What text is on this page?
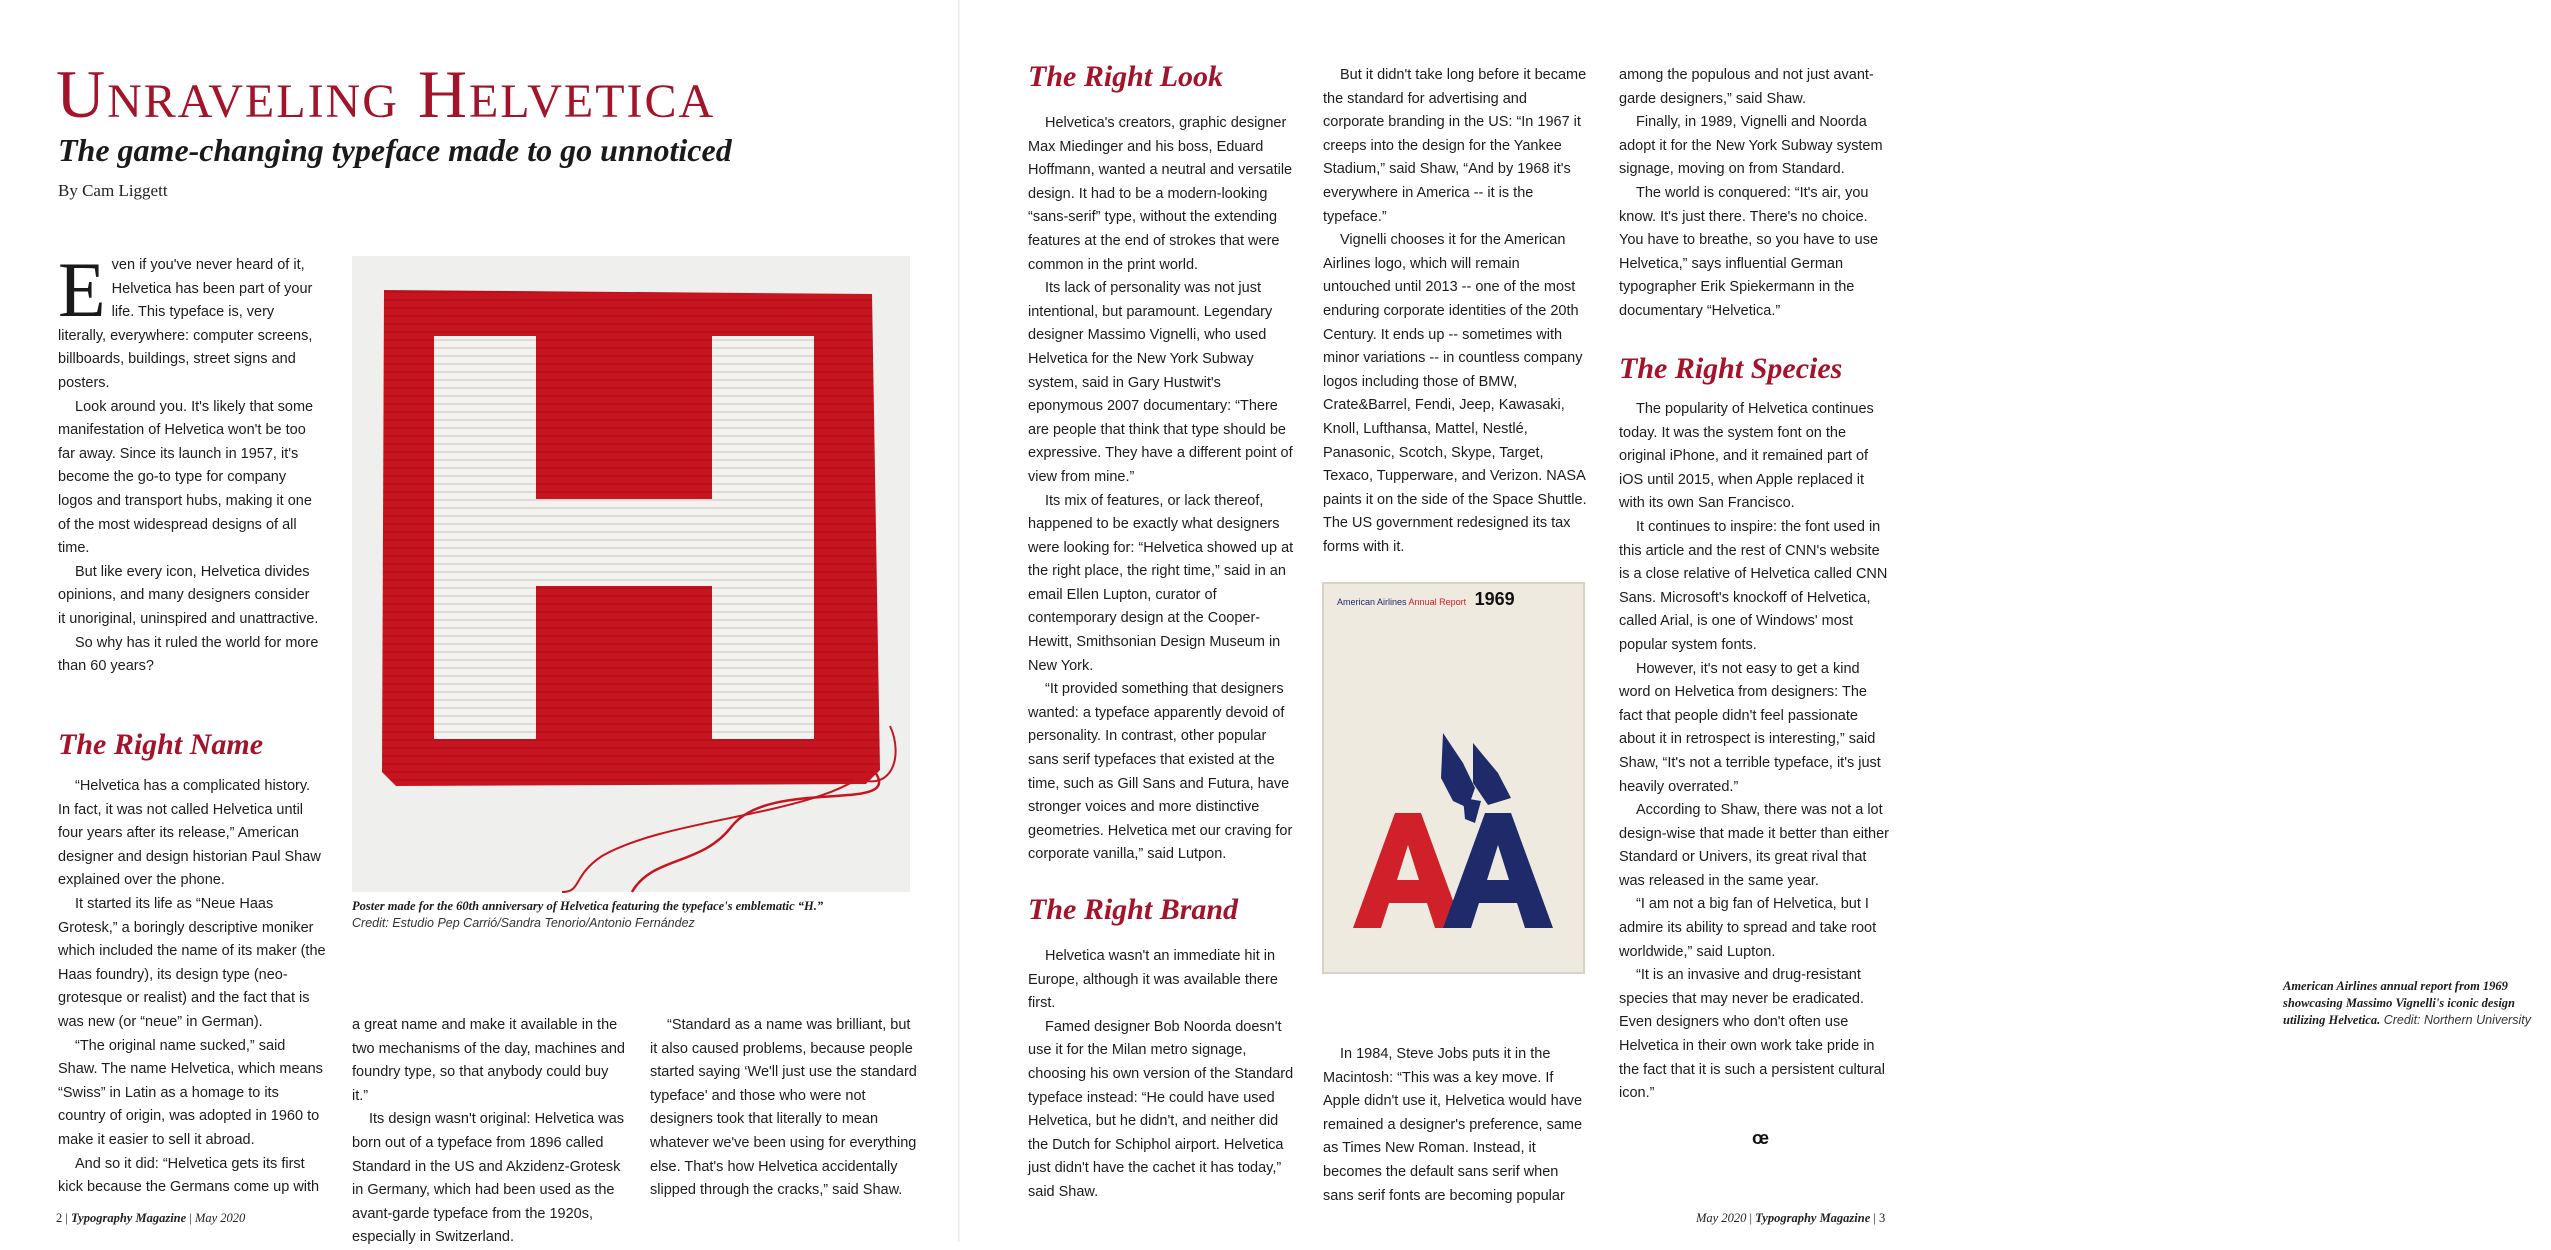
Unraveling Helvetica
The game-changing typeface made to go unnoticed
By Cam Liggett

Even if you've never heard of it, Helvetica has been part of your life. This typeface is, very literally, everywhere: computer screens, billboards, buildings, street signs and posters.

Look around you. It's likely that some manifestation of Helvetica won't be too far away. Since its launch in 1957, it's become the go-to type for company logos and transport hubs, making it one of the most widespread designs of all time.

But like every icon, Helvetica divides opinions, and many designers consider it unoriginal, uninspired and unattractive.

So why has it ruled the world for more than 60 years?

The Right Name

“Helvetica has a complicated history. In fact, it was not called Helvetica until four years after its release,” American designer and design historian Paul Shaw explained over the phone.

It started its life as “Neue Haas Grotesk,” a boringly descriptive moniker which included the name of its maker (the Haas foundry), its design type (neo-grotesque or realist) and the fact that is was new (or “neue” in German).

“The original name sucked,” said Shaw. The name Helvetica, which means “Swiss” in Latin as a homage to its country of origin, was adopted in 1960 to make it easier to sell it abroad.

And so it did: “Helvetica gets its first kick because the Germans come up with

Poster made for the 60th anniversary of Helvetica featuring the typeface's emblematic “H.”
Credit: Estudio Pep Carrió/Sandra Tenorio/Antonio Fernández

a great name and make it available in the two mechanisms of the day, machines and foundry type, so that anybody could buy it.”

Its design wasn't original: Helvetica was born out of a typeface from 1896 called Standard in the US and Akzidenz-Grotesk in Germany, which had been used as the avant-garde typeface from the 1920s, especially in Switzerland.

“Standard as a name was brilliant, but it also caused problems, because people started saying ‘We'll just use the standard typeface' and those who were not designers took that literally to mean whatever we've been using for everything else. That's how Helvetica accidentally slipped through the cracks,” said Shaw.

2 | Typography Magazine | May 2020
The Right Look

Helvetica's creators, graphic designer Max Miedinger and his boss, Eduard Hoffmann, wanted a neutral and versatile design. It had to be a modern-looking “sans-serif” type, without the extending features at the end of strokes that were common in the print world.

Its lack of personality was not just intentional, but paramount. Legendary designer Massimo Vignelli, who used Helvetica for the New York Subway system, said in Gary Hustwit's eponymous 2007 documentary: “There are people that think that type should be expressive. They have a different point of view from mine.”

Its mix of features, or lack thereof, happened to be exactly what designers were looking for: “Helvetica showed up at the right place, the right time,” said in an email Ellen Lupton, curator of contemporary design at the Cooper-Hewitt, Smithsonian Design Museum in New York.

“It provided something that designers wanted: a typeface apparently devoid of personality. In contrast, other popular sans serif typefaces that existed at the time, such as Gill Sans and Futura, have stronger voices and more distinctive geometries. Helvetica met our craving for corporate vanilla,” said Lutpon.

The Right Brand

Helvetica wasn't an immediate hit in Europe, although it was available there first.

Famed designer Bob Noorda doesn't use it for the Milan metro signage, choosing his own version of the Standard typeface instead: “He could have used Helvetica, but he didn't, and neither did the Dutch for Schiphol airport. Helvetica just didn't have the cachet it has today,” said Shaw.

But it didn't take long before it became the standard for advertising and corporate branding in the US: “In 1967 it creeps into the design for the Yankee Stadium,” said Shaw, “And by 1968 it's everywhere in America -- it is the typeface.”

Vignelli chooses it for the American Airlines logo, which will remain untouched until 2013 -- one of the most enduring corporate identities of the 20th Century. It ends up -- sometimes with minor variations -- in countless company logos including those of BMW, Crate&Barrel, Fendi, Jeep, Kawasaki, Knoll, Lufthansa, Mattel, Nestlé, Panasonic, Scotch, Skype, Target, Texaco, Tupperware, and Verizon. NASA paints it on the side of the Space Shuttle. The US government redesigned its tax forms with it.

American Airlines Annual Report 1969
American Airlines annual report from 1969 showcasing Massimo Vignelli's iconic design utilizing Helvetica. Credit: Northern University

In 1984, Steve Jobs puts it in the Macintosh: “This was a key move. If Apple didn't use it, Helvetica would have remained a designer's preference, same as Times New Roman. Instead, it becomes the default sans serif when sans serif fonts are becoming popular

among the populous and not just avant-garde designers,” said Shaw.

Finally, in 1989, Vignelli and Noorda adopt it for the New York Subway system signage, moving on from Standard.

The world is conquered: “It's air, you know. It's just there. There's no choice. You have to breathe, so you have to use Helvetica,” says influential German typographer Erik Spiekermann in the documentary “Helvetica.”

The Right Species

The popularity of Helvetica continues today. It was the system font on the original iPhone, and it remained part of iOS until 2015, when Apple replaced it with its own San Francisco.

It continues to inspire: the font used in this article and the rest of CNN's website is a close relative of Helvetica called CNN Sans. Microsoft's knockoff of Helvetica, called Arial, is one of Windows' most popular system fonts.

However, it's not easy to get a kind word on Helvetica from designers: The fact that people didn't feel passionate about it in retrospect is interesting,” said Shaw, “It's not a terrible typeface, it's just heavily overrated.”

According to Shaw, there was not a lot design-wise that made it better than either Standard or Univers, its great rival that was released in the same year.

“I am not a big fan of Helvetica, but I admire its ability to spread and take root worldwide,” said Lupton.

“It is an invasive and drug-resistant species that may never be eradicated. Even designers who don't often use Helvetica in their own work take pride in the fact that it is such a persistent cultural icon.”

œ
May 2020 | Typography Magazine | 3
